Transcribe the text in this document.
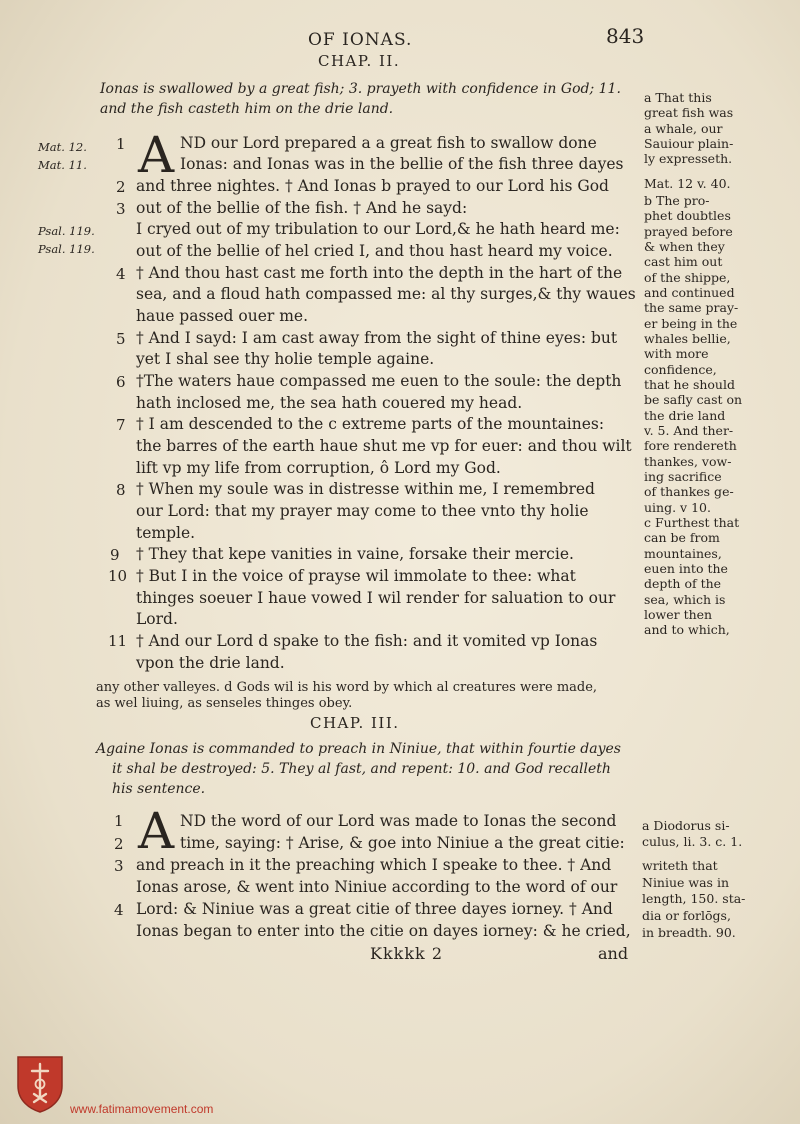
OF IONAS.	843
CHAP. II.
Ionas is swallowed by a great fish; 3. prayeth with confidence in God; 11.
and the fish casteth him on the drie land.
Mat. 12.
Mat. 11.
Psal. 119.
Psal. 119.
1
2
3
4
5
6
7
8
9
10
11
A ND our Lord prepared a a great fish to swallow done
Ionas: and Ionas was in the bellie of the fish three dayes
and three nightes. † And Ionas b prayed to our Lord his God
out of the bellie of the fish. † And he sayd:
I cryed out of my tribulation to our Lord,& he hath heard me:
out of the bellie of hel cried I, and thou hast heard my voice.
† And thou hast cast me forth into the depth in the hart of the
sea, and a floud hath compassed me: al thy surges,& thy waues
haue passed ouer me.
† And I sayd: I am cast away from the sight of thine eyes: but
yet I shal see thy holie temple againe.
†The waters haue compassed me euen to the soule: the depth
hath inclosed me, the sea hath couered my head.
† I am descended to the c extreme parts of the mountaines:
the barres of the earth haue shut me vp for euer: and thou wilt
lift vp my life from corruption, ô Lord my God.
† When my soule was in distresse within me, I remembred
our Lord: that my prayer may come to thee vnto thy holie
temple.
† They that kepe vanities in vaine, forsake their mercie.
† But I in the voice of prayse wil immolate to thee: what
thinges soeuer I haue vowed I wil render for saluation to our
Lord.
† And our Lord d spake to the fish: and it vomited vp Ionas
vpon the drie land.
any other valleyes. d Gods wil is his word by which al creatures were made,
as wel liuing, as senseles thinges obey.
a That this
great fish was
a whale, our
Sauiour plain-
ly expresseth.
Mat. 12 v. 40.
b The pro-
phet doubtles
prayed before
& when they
cast him out
of the shippe,
and continued
the same pray-
er being in the
whales bellie,
with more
confidence,
that he should
be safly cast on
the drie land
v. 5. And ther-
fore rendereth
thankes, vow-
ing sacrifice
of thankes ge-
uing. v 10.
c Furthest that
can be from
mountaines,
euen into the
depth of the
sea, which is
lower then
and to which,
CHAP. III.
Againe Ionas is commanded to preach in Niniue, that within fourtie dayes
it shal be destroyed: 5. They al fast, and repent: 10. and God recalleth
his sentence.
1
2
3
4
A ND the word of our Lord was made to Ionas the second
time, saying: † Arise, & goe into Niniue a the great citie:
and preach in it the preaching which I speake to thee. † And
Ionas arose, & went into Niniue according to the word of our
Lord: & Niniue was a great citie of three dayes iorney. † And
Ionas began to enter into the citie on dayes iorney: & he cried,
a Diodorus si-
culus, li. 3. c. 1.
writeth that
Niniue was in
length, 150. sta-
dia or forlōgs,
in breadth. 90.
Kkkkk 2	and
www.fatimamovement.com
